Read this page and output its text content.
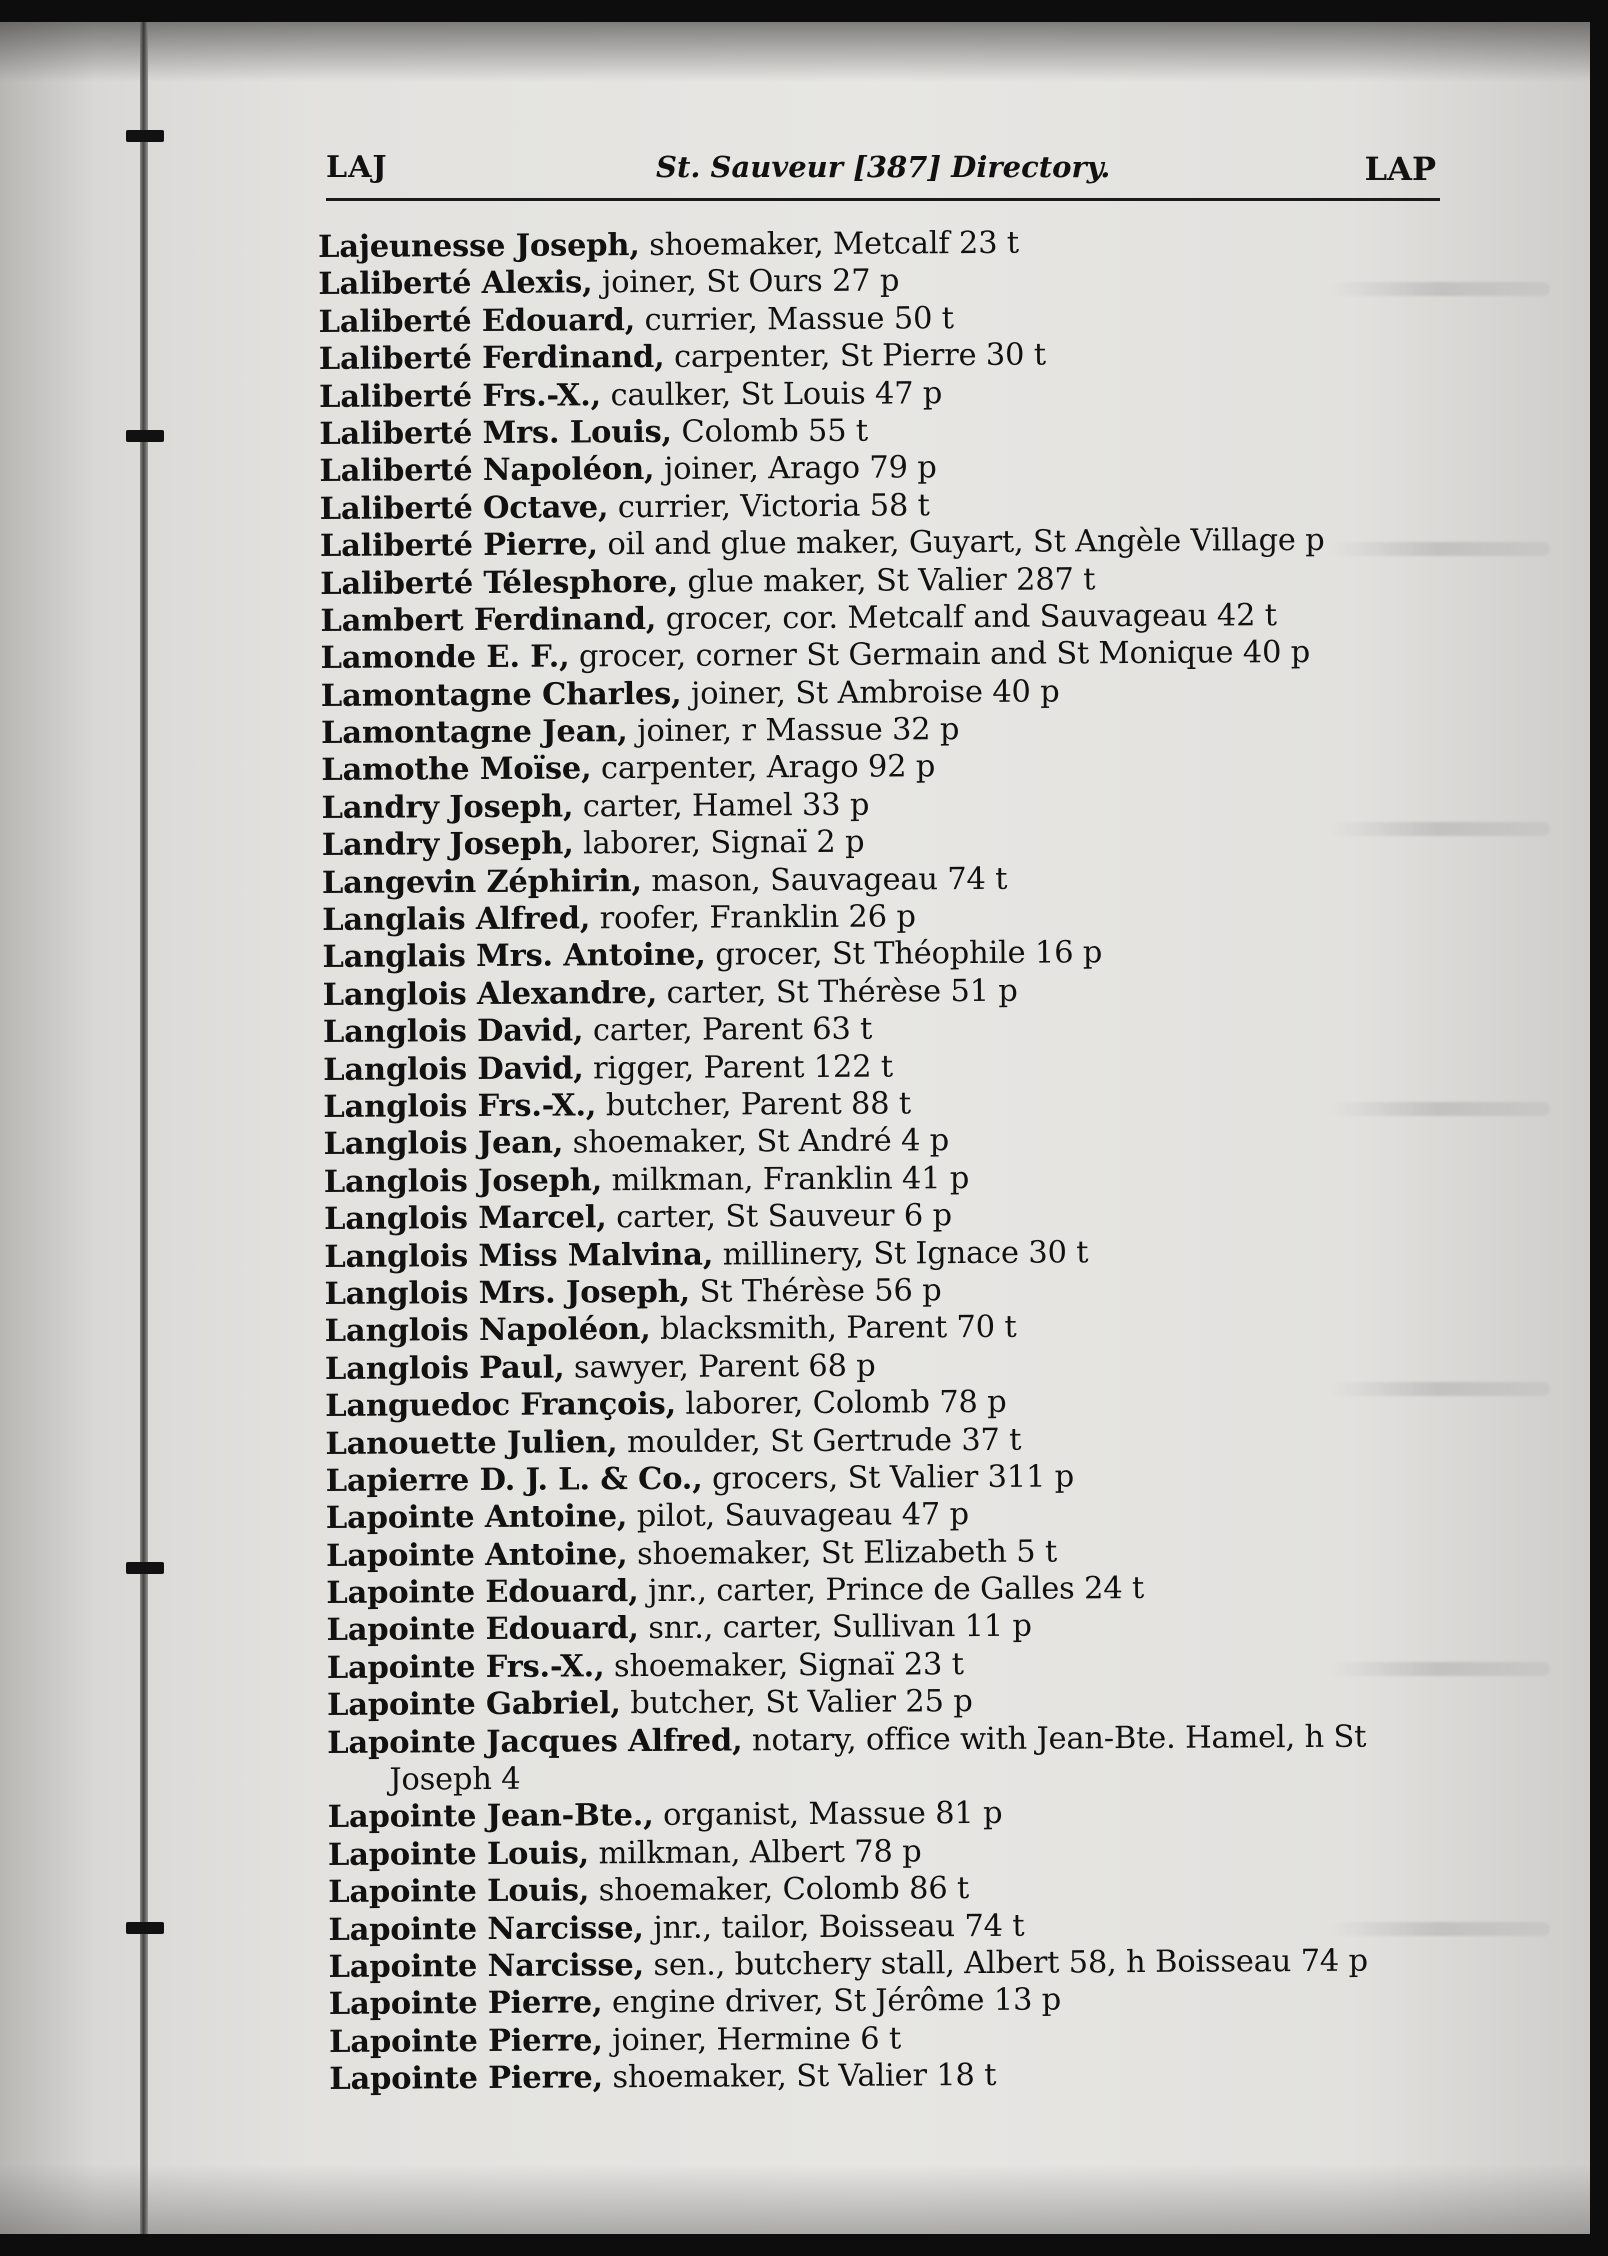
LAJ	St. Sauveur [387] Directory.	LAP
Lajeunesse Joseph, shoemaker, Metcalf 23 t
Laliberté Alexis, joiner, St Ours 27 p
Laliberté Edouard, currier, Massue 50 t
Laliberté Ferdinand, carpenter, St Pierre 30 t
Laliberté Frs.-X., caulker, St Louis 47 p
Laliberté Mrs. Louis, Colomb 55 t
Laliberté Napoléon, joiner, Arago 79 p
Laliberté Octave, currier, Victoria 58 t
Laliberté Pierre, oil and glue maker, Guyart, St Angèle Village p
Laliberté Télesphore, glue maker, St Valier 287 t
Lambert Ferdinand, grocer, cor. Metcalf and Sauvageau 42 t
Lamonde E. F., grocer, corner St Germain and St Monique 40 p
Lamontagne Charles, joiner, St Ambroise 40 p
Lamontagne Jean, joiner, r Massue 32 p
Lamothe Moïse, carpenter, Arago 92 p
Landry Joseph, carter, Hamel 33 p
Landry Joseph, laborer, Signaï 2 p
Langevin Zéphirin, mason, Sauvageau 74 t
Langlais Alfred, roofer, Franklin 26 p
Langlais Mrs. Antoine, grocer, St Théophile 16 p
Langlois Alexandre, carter, St Thérèse 51 p
Langlois David, carter, Parent 63 t
Langlois David, rigger, Parent 122 t
Langlois Frs.-X., butcher, Parent 88 t
Langlois Jean, shoemaker, St André 4 p
Langlois Joseph, milkman, Franklin 41 p
Langlois Marcel, carter, St Sauveur 6 p
Langlois Miss Malvina, millinery, St Ignace 30 t
Langlois Mrs. Joseph, St Thérèse 56 p
Langlois Napoléon, blacksmith, Parent 70 t
Langlois Paul, sawyer, Parent 68 p
Languedoc François, laborer, Colomb 78 p
Lanouette Julien, moulder, St Gertrude 37 t
Lapierre D. J. L. & Co., grocers, St Valier 311 p
Lapointe Antoine, pilot, Sauvageau 47 p
Lapointe Antoine, shoemaker, St Elizabeth 5 t
Lapointe Edouard, jnr., carter, Prince de Galles 24 t
Lapointe Edouard, snr., carter, Sullivan 11 p
Lapointe Frs.-X., shoemaker, Signaï 23 t
Lapointe Gabriel, butcher, St Valier 25 p
Lapointe Jacques Alfred, notary, office with Jean-Bte. Hamel, h St
Joseph 4
Lapointe Jean-Bte., organist, Massue 81 p
Lapointe Louis, milkman, Albert 78 p
Lapointe Louis, shoemaker, Colomb 86 t
Lapointe Narcisse, jnr., tailor, Boisseau 74 t
Lapointe Narcisse, sen., butchery stall, Albert 58, h Boisseau 74 p
Lapointe Pierre, engine driver, St Jérôme 13 p
Lapointe Pierre, joiner, Hermine 6 t
Lapointe Pierre, shoemaker, St Valier 18 t
